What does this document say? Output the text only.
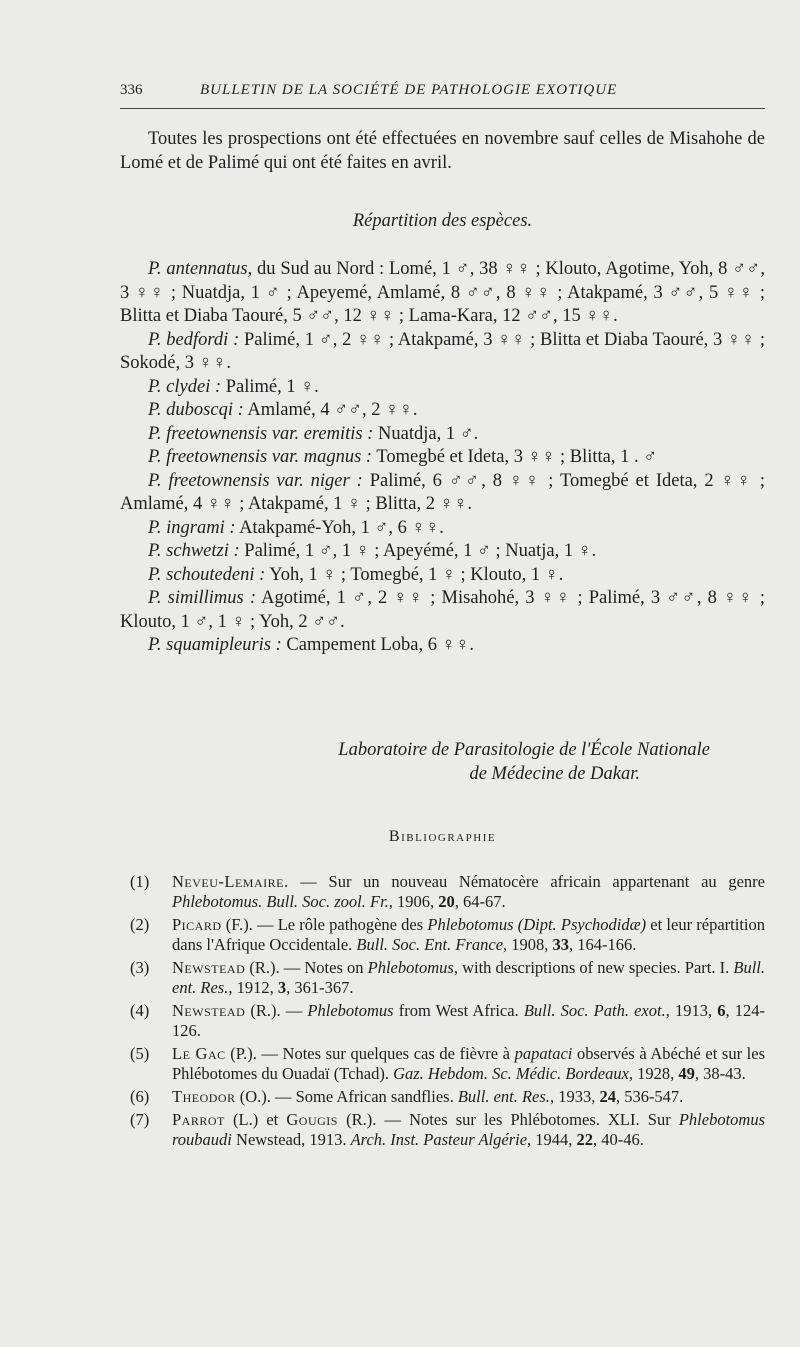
336	BULLETIN DE LA SOCIÉTÉ DE PATHOLOGIE EXOTIQUE

Toutes les prospections ont été effectuées en novembre sauf celles de Misahohe de Lomé et de Palimé qui ont été faites en avril.

Répartition des espèces.

P. antennatus, du Sud au Nord : Lomé, 1 ♂, 38 ♀♀ ; Klouto, Agotime, Yoh, 8 ♂♂, 3 ♀♀ ; Nuatdja, 1 ♂ ; Apeyemé, Amlamé, 8 ♂♂, 8 ♀♀ ; Atakpamé, 3 ♂♂, 5 ♀♀ ; Blitta et Diaba Taouré, 5 ♂♂, 12 ♀♀ ; Lama-Kara, 12 ♂♂, 15 ♀♀.

P. bedfordi : Palimé, 1 ♂, 2 ♀♀ ; Atakpamé, 3 ♀♀ ; Blitta et Diaba Taouré, 3 ♀♀ ; Sokodé, 3 ♀♀.

P. clydei : Palimé, 1 ♀.

P. duboscqi : Amlamé, 4 ♂♂, 2 ♀♀.

P. freetownensis var. eremitis : Nuatdja, 1 ♂.

P. freetownensis var. magnus : Tomegbé et Ideta, 3 ♀♀ ; Blitta, 1 . ♂

P. freetownensis var. niger : Palimé, 6 ♂♂, 8 ♀♀ ; Tomegbé et Ideta, 2 ♀♀ ; Amlamé, 4 ♀♀ ; Atakpamé, 1 ♀ ; Blitta, 2 ♀♀.

P. ingrami : Atakpamé-Yoh, 1 ♂, 6 ♀♀.

P. schwetzi : Palimé, 1 ♂, 1 ♀ ; Apeyémé, 1 ♂ ; Nuatja, 1 ♀.

P. schoutedeni : Yoh, 1 ♀ ; Tomegbé, 1 ♀ ; Klouto, 1 ♀.

P. simillimus : Agotimé, 1 ♂, 2 ♀♀ ; Misahohé, 3 ♀♀ ; Palimé, 3 ♂♂, 8 ♀♀ ; Klouto, 1 ♂, 1 ♀ ; Yoh, 2 ♂♂.

P. squamipleuris : Campement Loba, 6 ♀♀.

Laboratoire de Parasitologie de l'École Nationale
de Médecine de Dakar.
Bibliographie
(1) Neveu-Lemaire. — Sur un nouveau Nématocère africain appartenant au genre Phlebotomus. Bull. Soc. zool. Fr., 1906, 20, 64-67.
(2) Picard (F.). — Le rôle pathogène des Phlebotomus (Dipt. Psychodidæ) et leur répartition dans l'Afrique Occidentale. Bull. Soc. Ent. France, 1908, 33, 164-166.
(3) Newstead (R.). — Notes on Phlebotomus, with descriptions of new species. Part. I. Bull. ent. Res., 1912, 3, 361-367.
(4) Newstead (R.). — Phlebotomus from West Africa. Bull. Soc. Path. exot., 1913, 6, 124-126.
(5) Le Gac (P.). — Notes sur quelques cas de fièvre à papataci observés à Abéché et sur les Phlébotomes du Ouadaï (Tchad). Gaz. Hebdom. Sc. Médic. Bordeaux, 1928, 49, 38-43.
(6) Theodor (O.). — Some African sandflies. Bull. ent. Res., 1933, 24, 536-547.
(7) Parrot (L.) et Gougis (R.). — Notes sur les Phlébotomes. XLI. Sur Phlebotomus roubaudi Newstead, 1913. Arch. Inst. Pasteur Algérie, 1944, 22, 40-46.
